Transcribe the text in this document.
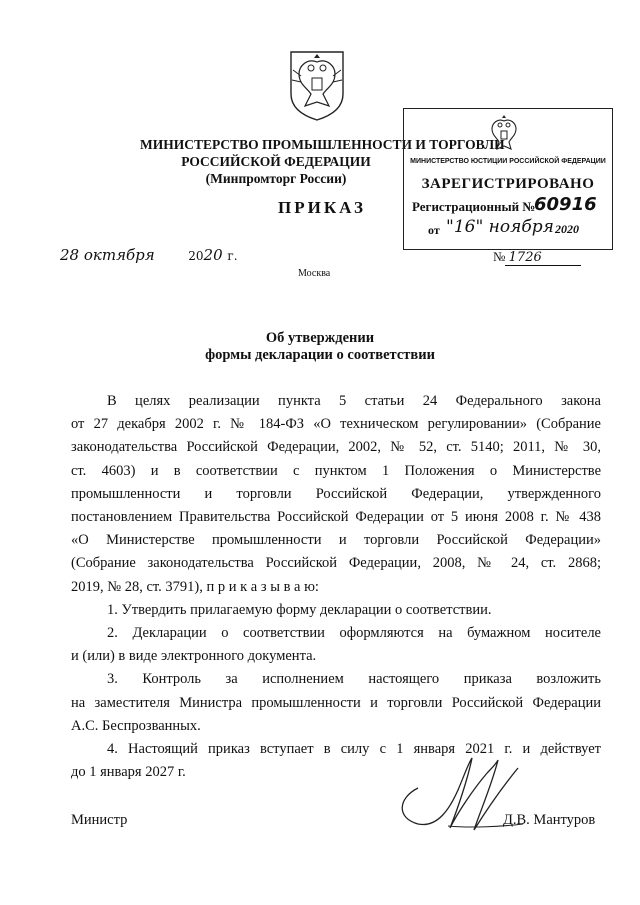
МИНИСТЕРСТВО ПРОМЫШЛЕННОСТИ И ТОРГОВЛИ
РОССИЙСКОЙ ФЕДЕРАЦИИ
(Минпромторг России)
ПРИКАЗ
28 октября	2020 г.
Москва
МИНИСТЕРСТВО ЮСТИЦИИ РОССИЙСКОЙ ФЕДЕРАЦИИ
ЗАРЕГИСТРИРОВАНО
Регистрационный №
60916
от "16" ноября 2020
№ 1726
Об утверждении
формы декларации о соответствии

В целях реализации пункта 5 статьи 24 Федерального закона

от 27 декабря 2002 г. № 184-ФЗ «О техническом регулировании» (Собрание

законодательства Российской Федерации, 2002, № 52, ст. 5140; 2011, № 30,

ст. 4603) и в соответствии с пунктом 1 Положения о Министерстве

промышленности и торговли Российской Федерации, утвержденного

постановлением Правительства Российской Федерации от 5 июня 2008 г. № 438

«О Министерстве промышленности и торговли Российской Федерации»

(Собрание законодательства Российской Федерации, 2008, № 24, ст. 2868;

2019, № 28, ст. 3791), п р и к а з ы в а ю:

1. Утвердить прилагаемую форму декларации о соответствии.

2. Декларации о соответствии оформляются на бумажном носителе

и (или) в виде электронного документа.

3. Контроль за исполнением настоящего приказа возложить

на заместителя Министра промышленности и торговли Российской Федерации

А.С. Беспрозванных.

4. Настоящий приказ вступает в силу с 1 января 2021 г. и действует

до 1 января 2027 г.

Министр	Д.В. Мантуров
